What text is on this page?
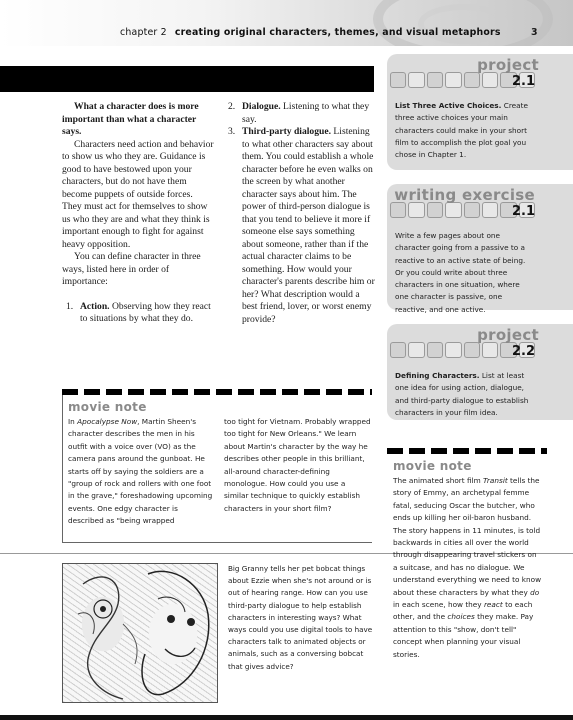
chapter 2 creating original characters, themes, and visual metaphors	3

What a character does is more important than what a character says.

Characters need action and behavior to show us who they are. Guidance is good to have bestowed upon your characters, but do not have them become puppets of outside forces. They must act for themselves to show us who they are and what they think is important enough to fight for against heavy opposition.

You can define character in three ways, listed here in order of importance:

1. Action. Observing how they react to situations by what they do.
2. Dialogue. Listening to what they say.
3. Third-party dialogue. Listening to what other characters say about them. You could establish a whole character before he even walks on the screen by what another character says about him. The power of third-person dialogue is that you tend to believe it more if someone else says something about someone, rather than if the actual character claims to be something. How would your character's parents describe him or her? What description would a best friend, lover, or worst enemy provide?
project
2.1
List Three Active Choices. Create three active choices your main characters could make in your short film to accomplish the plot goal you chose in Chapter 1.
writing exercise
2.1
Write a few pages about one character going from a passive to a reactive to an active state of being. Or you could write about three characters in one situation, where one character is passive, one reactive, and one active.
project
2.2
Defining Characters. List at least one idea for using action, dialogue, and third-party dialogue to establish characters in your film idea.
movie note
In Apocalypse Now, Martin Sheen's character describes the men in his outfit with a voice over (VO) as the camera pans around the gunboat. He starts off by saying the soldiers are a "group of rock and rollers with one foot in the grave," foreshadowing upcoming events. One edgy character is described as "being wrapped
too tight for Vietnam. Probably wrapped too tight for New Orleans." We learn about Martin's character by the way he describes other people in this brilliant, all-around character-defining monologue. How could you use a similar technique to quickly establish characters in your short film?
Big Granny tells her pet bobcat things about Ezzie when she's not around or is out of hearing range. How can you use third-party dialogue to help establish characters in interesting ways? What ways could you use digital tools to have characters talk to animated objects or animals, such as a conversing bobcat that gives advice?
movie note
The animated short film Transit tells the story of Emmy, an archetypal femme fatal, seducing Oscar the butcher, who ends up killing her oil-baron husband. The story happens in 11 minutes, is told backwards in cities all over the world through disappearing travel stickers on a suitcase, and has no dialogue. We understand everything we need to know about these characters by what they do in each scene, how they react to each other, and the choices they make. Pay attention to this "show, don't tell" concept when planning your visual stories.
